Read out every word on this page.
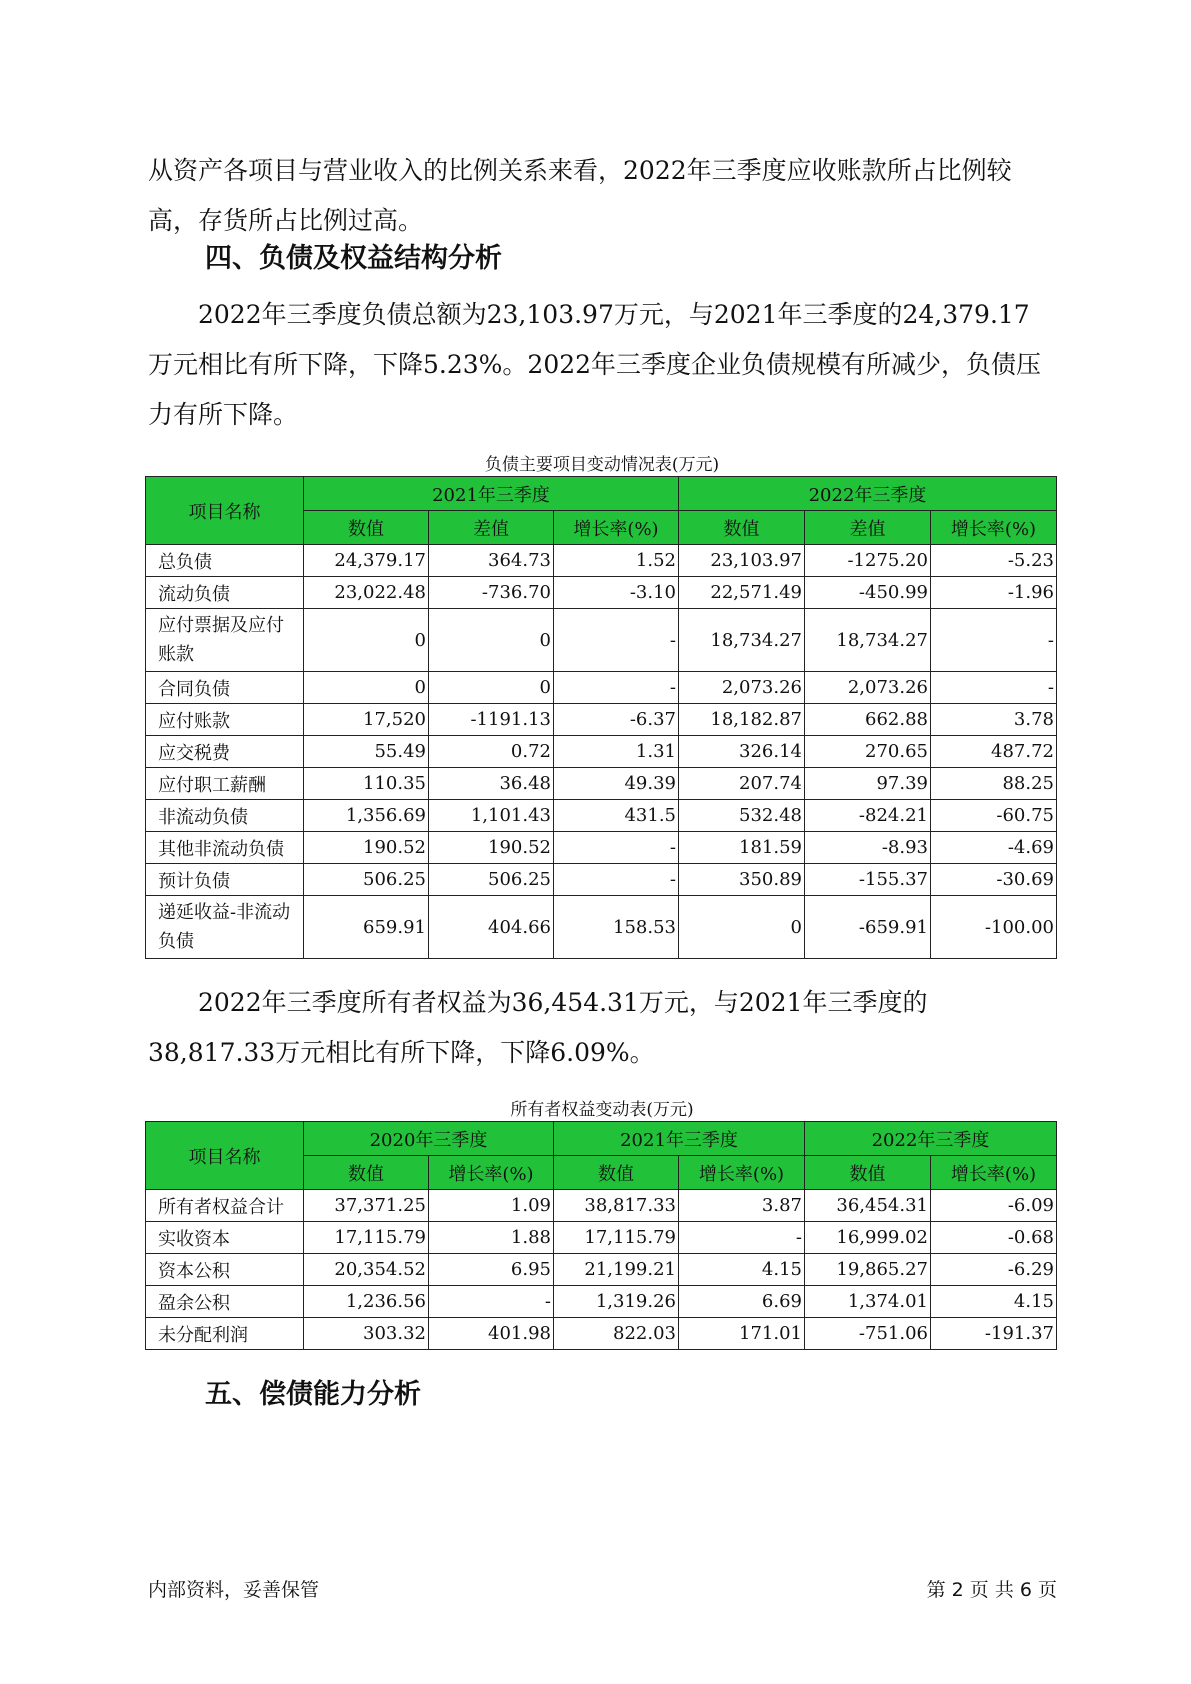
从资产各项目与营业收入的比例关系来看，2022年三季度应收账款所占比例较高，存货所占比例过高。

四、负债及权益结构分析

2022年三季度负债总额为23,103.97万元，与2021年三季度的24,379.17万元相比有所下降，下降5.23%。2022年三季度企业负债规模有所减少，负债压力有所下降。

负债主要项目变动情况表(万元)
项目名称	2021年三季度			2022年三季度		
	数值	差值	增长率(%)	数值	差值	增长率(%)
总负债	24,379.17	364.73	1.52	23,103.97	-1275.20	-5.23
流动负债	23,022.48	-736.70	-3.10	22,571.49	-450.99	-1.96
应付票据及应付账款	0	0	-	18,734.27	18,734.27	-
合同负债	0	0	-	2,073.26	2,073.26	-
应付账款	17,520	-1191.13	-6.37	18,182.87	662.88	3.78
应交税费	55.49	0.72	1.31	326.14	270.65	487.72
应付职工薪酬	110.35	36.48	49.39	207.74	97.39	88.25
非流动负债	1,356.69	1,101.43	431.5	532.48	-824.21	-60.75
其他非流动负债	190.52	190.52	-	181.59	-8.93	-4.69
预计负债	506.25	506.25	-	350.89	-155.37	-30.69
递延收益-非流动负债	659.91	404.66	158.53	0	-659.91	-100.00

2022年三季度所有者权益为36,454.31万元，与2021年三季度的38,817.33万元相比有所下降，下降6.09%。

所有者权益变动表(万元)
项目名称	2020年三季度		2021年三季度		2022年三季度	
	数值	增长率(%)	数值	增长率(%)	数值	增长率(%)
所有者权益合计	37,371.25	1.09	38,817.33	3.87	36,454.31	-6.09
实收资本	17,115.79	1.88	17,115.79	-	16,999.02	-0.68
资本公积	20,354.52	6.95	21,199.21	4.15	19,865.27	-6.29
盈余公积	1,236.56	-	1,319.26	6.69	1,374.01	4.15
未分配利润	303.32	401.98	822.03	171.01	-751.06	-191.37
五、偿债能力分析
内部资料，妥善保管	第 2 页 共 6 页
